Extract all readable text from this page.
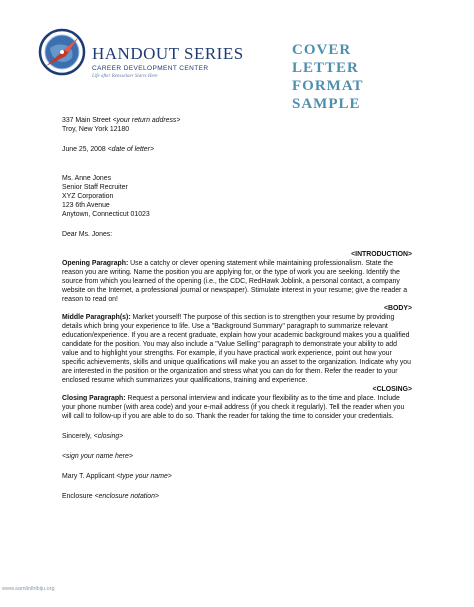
HANDOUT SERIES
CAREER DEVELOPMENT CENTER
Life after Rensselaer Starts Here
COVER LETTER
FORMAT SAMPLE

337 Main Street <your return address>

Troy, New York 12180

June 25, 2008 <date of letter>

Ms. Anne Jones

Senior Staff Recruiter

XYZ Corporation

123 6th Avenue

Anytown, Connecticut 01023

Dear Ms. Jones:

<INTRODUCTION>

Opening Paragraph: Use a catchy or clever opening statement while maintaining professionalism. State the reason you are writing. Name the position you are applying for, or the type of work you are seeking. Identify the source from which you learned of the opening (i.e., the CDC, RedHawk Joblink, a personal contact, a company website on the Internet, a professional journal or newspaper). Stimulate interest in your resume; give the reader a reason to read on!

<BODY>

Middle Paragraph(s): Market yourself! The purpose of this section is to strengthen your resume by providing details which bring your experience to life. Use a "Background Summary" paragraph to summarize relevant education/experience. If you are a recent graduate, explain how your academic background makes you a qualified candidate for the position. You may also include a "Value Selling" paragraph to demonstrate your ability to add value and to highlight your strengths. For example, if you have practical work experience, point out how your specific achievements, skills and unique qualifications will make you an asset to the organization. Indicate why you are interested in the position or the organization and stress what you can do for them. Refer the reader to your enclosed resume which summarizes your qualifications, training and experience.

<CLOSING>

Closing Paragraph: Request a personal interview and indicate your flexibility as to the time and place. Include your phone number (with area code) and your e-mail address (if you check it regularly). Tell the reader when you will call to follow-up if you are able to do so. Thank the reader for taking the time to consider your credentials.

Sincerely, <closing>

<sign your name here>

Mary T. Applicant <type your name>

Enclosure <enclosure notation>

www.samlinlhibiju.org
